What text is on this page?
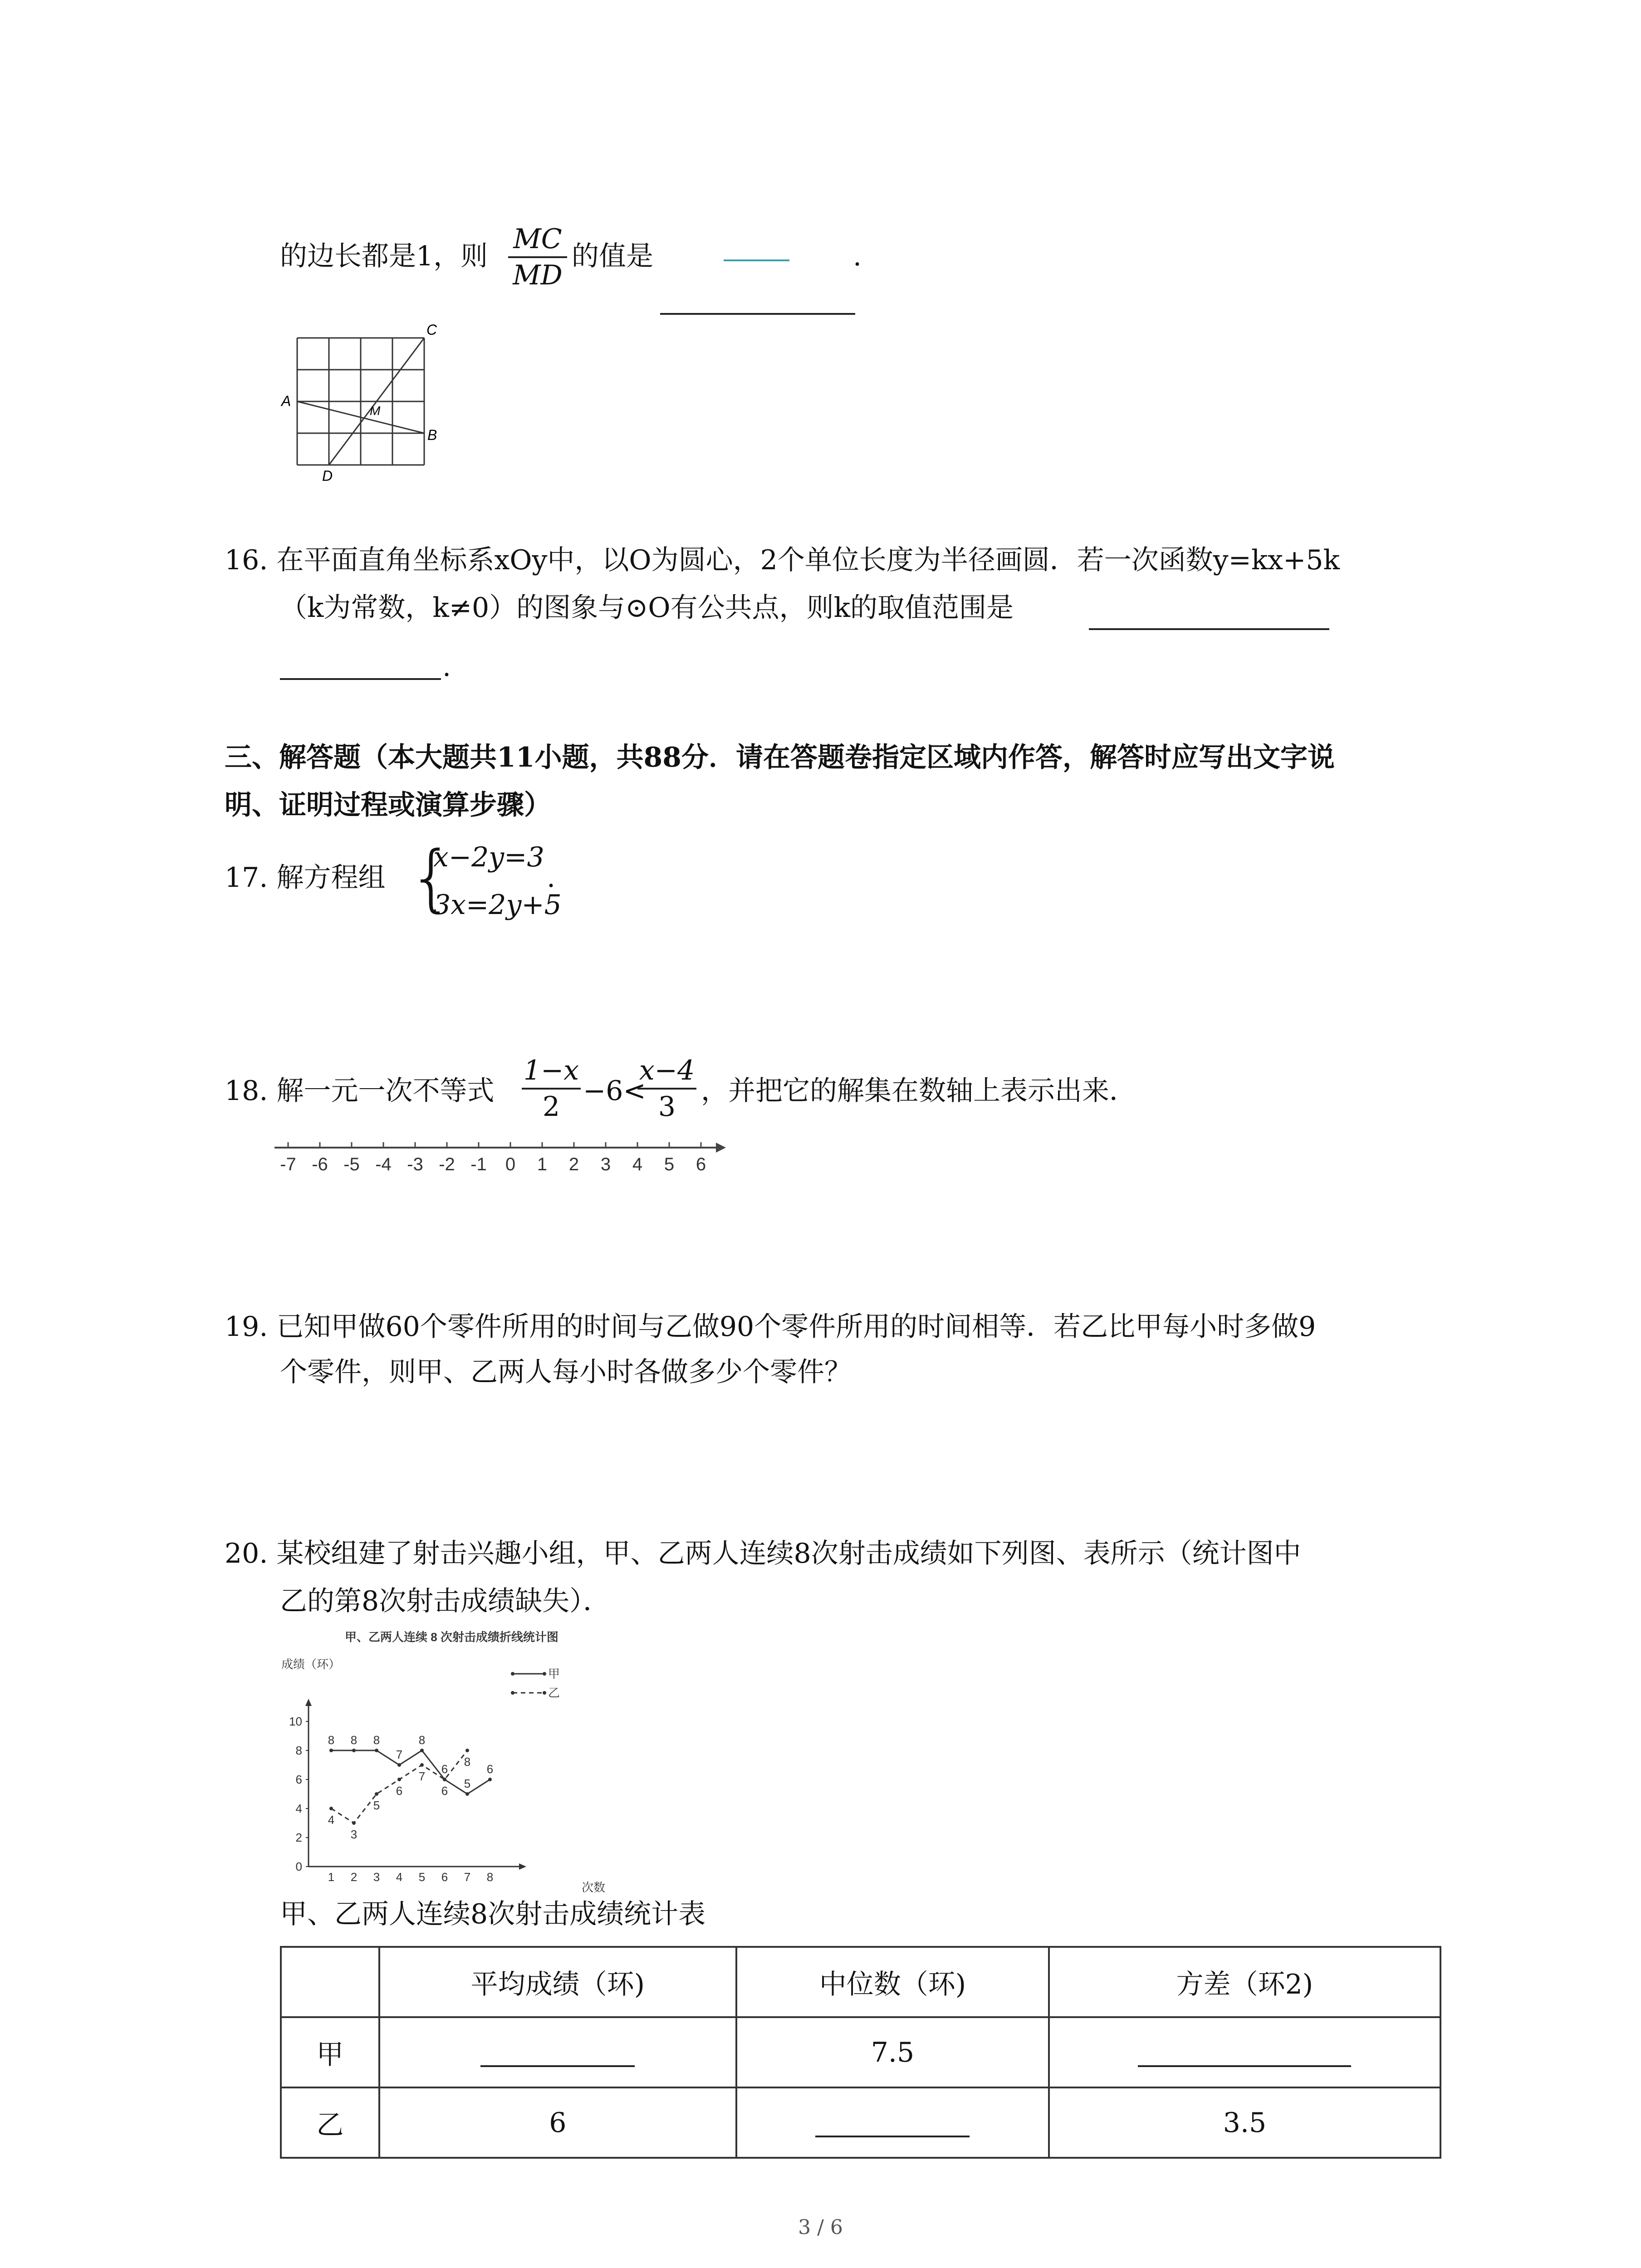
的边长都是1，则
MC
MD
的值是	.
A
B
C
D
M
16. 在平面直角坐标系xOy中，以O为圆心，2个单位长度为半径画圆．若一次函数y=kx+5k
（k为常数，k≠0）的图象与⊙O有公共点，则k的取值范围是
.
三、解答题（本大题共11小题，共88分．请在答题卷指定区域内作答，解答时应写出文字说
明、证明过程或演算步骤）
17. 解方程组 {
x−2y=3
3x=2y+5
.
18. 解一元一次不等式
1−x
2 −6<
x−4
3 ，并把它的解集在数轴上表示出来．
-7 -6 -5 -4 -3 -2 -1 0 1 2 3 4 5 6
19. 已知甲做60个零件所用的时间与乙做90个零件所用的时间相等．若乙比甲每小时多做9
个零件，则甲、乙两人每小时各做多少个零件？
20. 某校组建了射击兴趣小组，甲、乙两人连续8次射击成绩如下列图、表所示（统计图中
乙的第8次射击成绩缺失）．
甲、乙两人连续 8 次射击成绩折线统计图
成绩（环）
次数
甲
乙
0
2
4
6
8
10
1 2 3 4 5 6 7 8
8 8 8
7
8
6
5
6
4
3
5
6
7
6
8
甲、乙两人连续8次射击成绩统计表
	平均成绩（环)	中位数（环)	方差（环2)
甲		7.5	

乙	6		3.5
3 / 6
